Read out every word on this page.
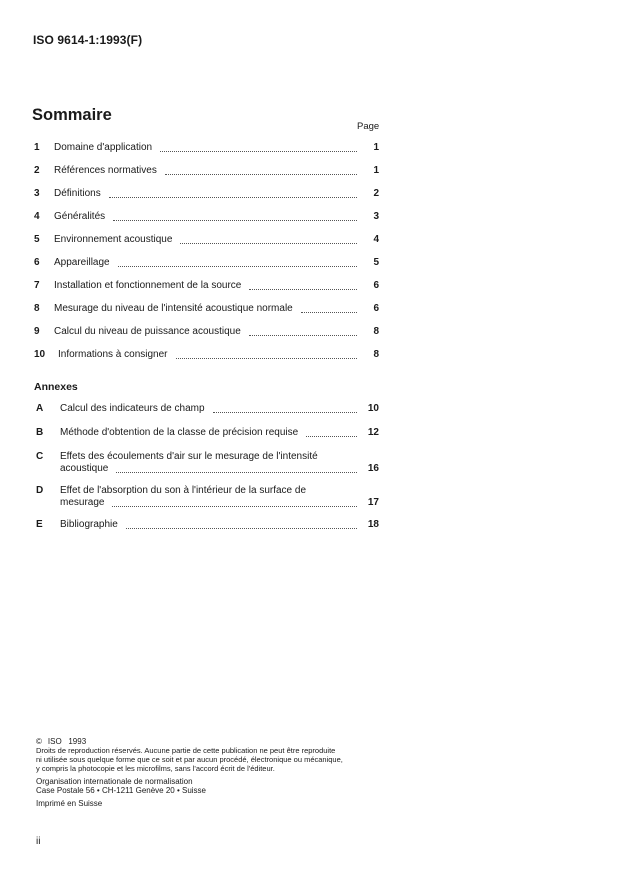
ISO 9614-1:1993(F)
Sommaire
Page
1	Domaine d'application	1
2	Références normatives	1
3	Définitions	2
4	Généralités	3
5	Environnement acoustique	4
6	Appareillage	5
7	Installation et fonctionnement de la source	6
8	Mesurage du niveau de l'intensité acoustique normale	6
9	Calcul du niveau de puissance acoustique	8
10	Informations à consigner	8
Annexes
A	Calcul des indicateurs de champ	10
B	Méthode d'obtention de la classe de précision requise	12
C	Effets des écoulements d'air sur le mesurage de l'intensité
acoustique	16
D	Effet de l'absorption du son à l'intérieur de la surface de
mesurage	17
E	Bibliographie	18
© ISO   1993
Droits de reproduction réservés. Aucune partie de cette publication ne peut être reproduite
ni utilisée sous quelque forme que ce soit et par aucun procédé, électronique ou mécanique,
y compris la photocopie et les microfilms, sans l'accord écrit de l'éditeur.
Organisation internationale de normalisation
Case Postale 56 • CH-1211 Genève 20 • Suisse
Imprimé en Suisse
ii
